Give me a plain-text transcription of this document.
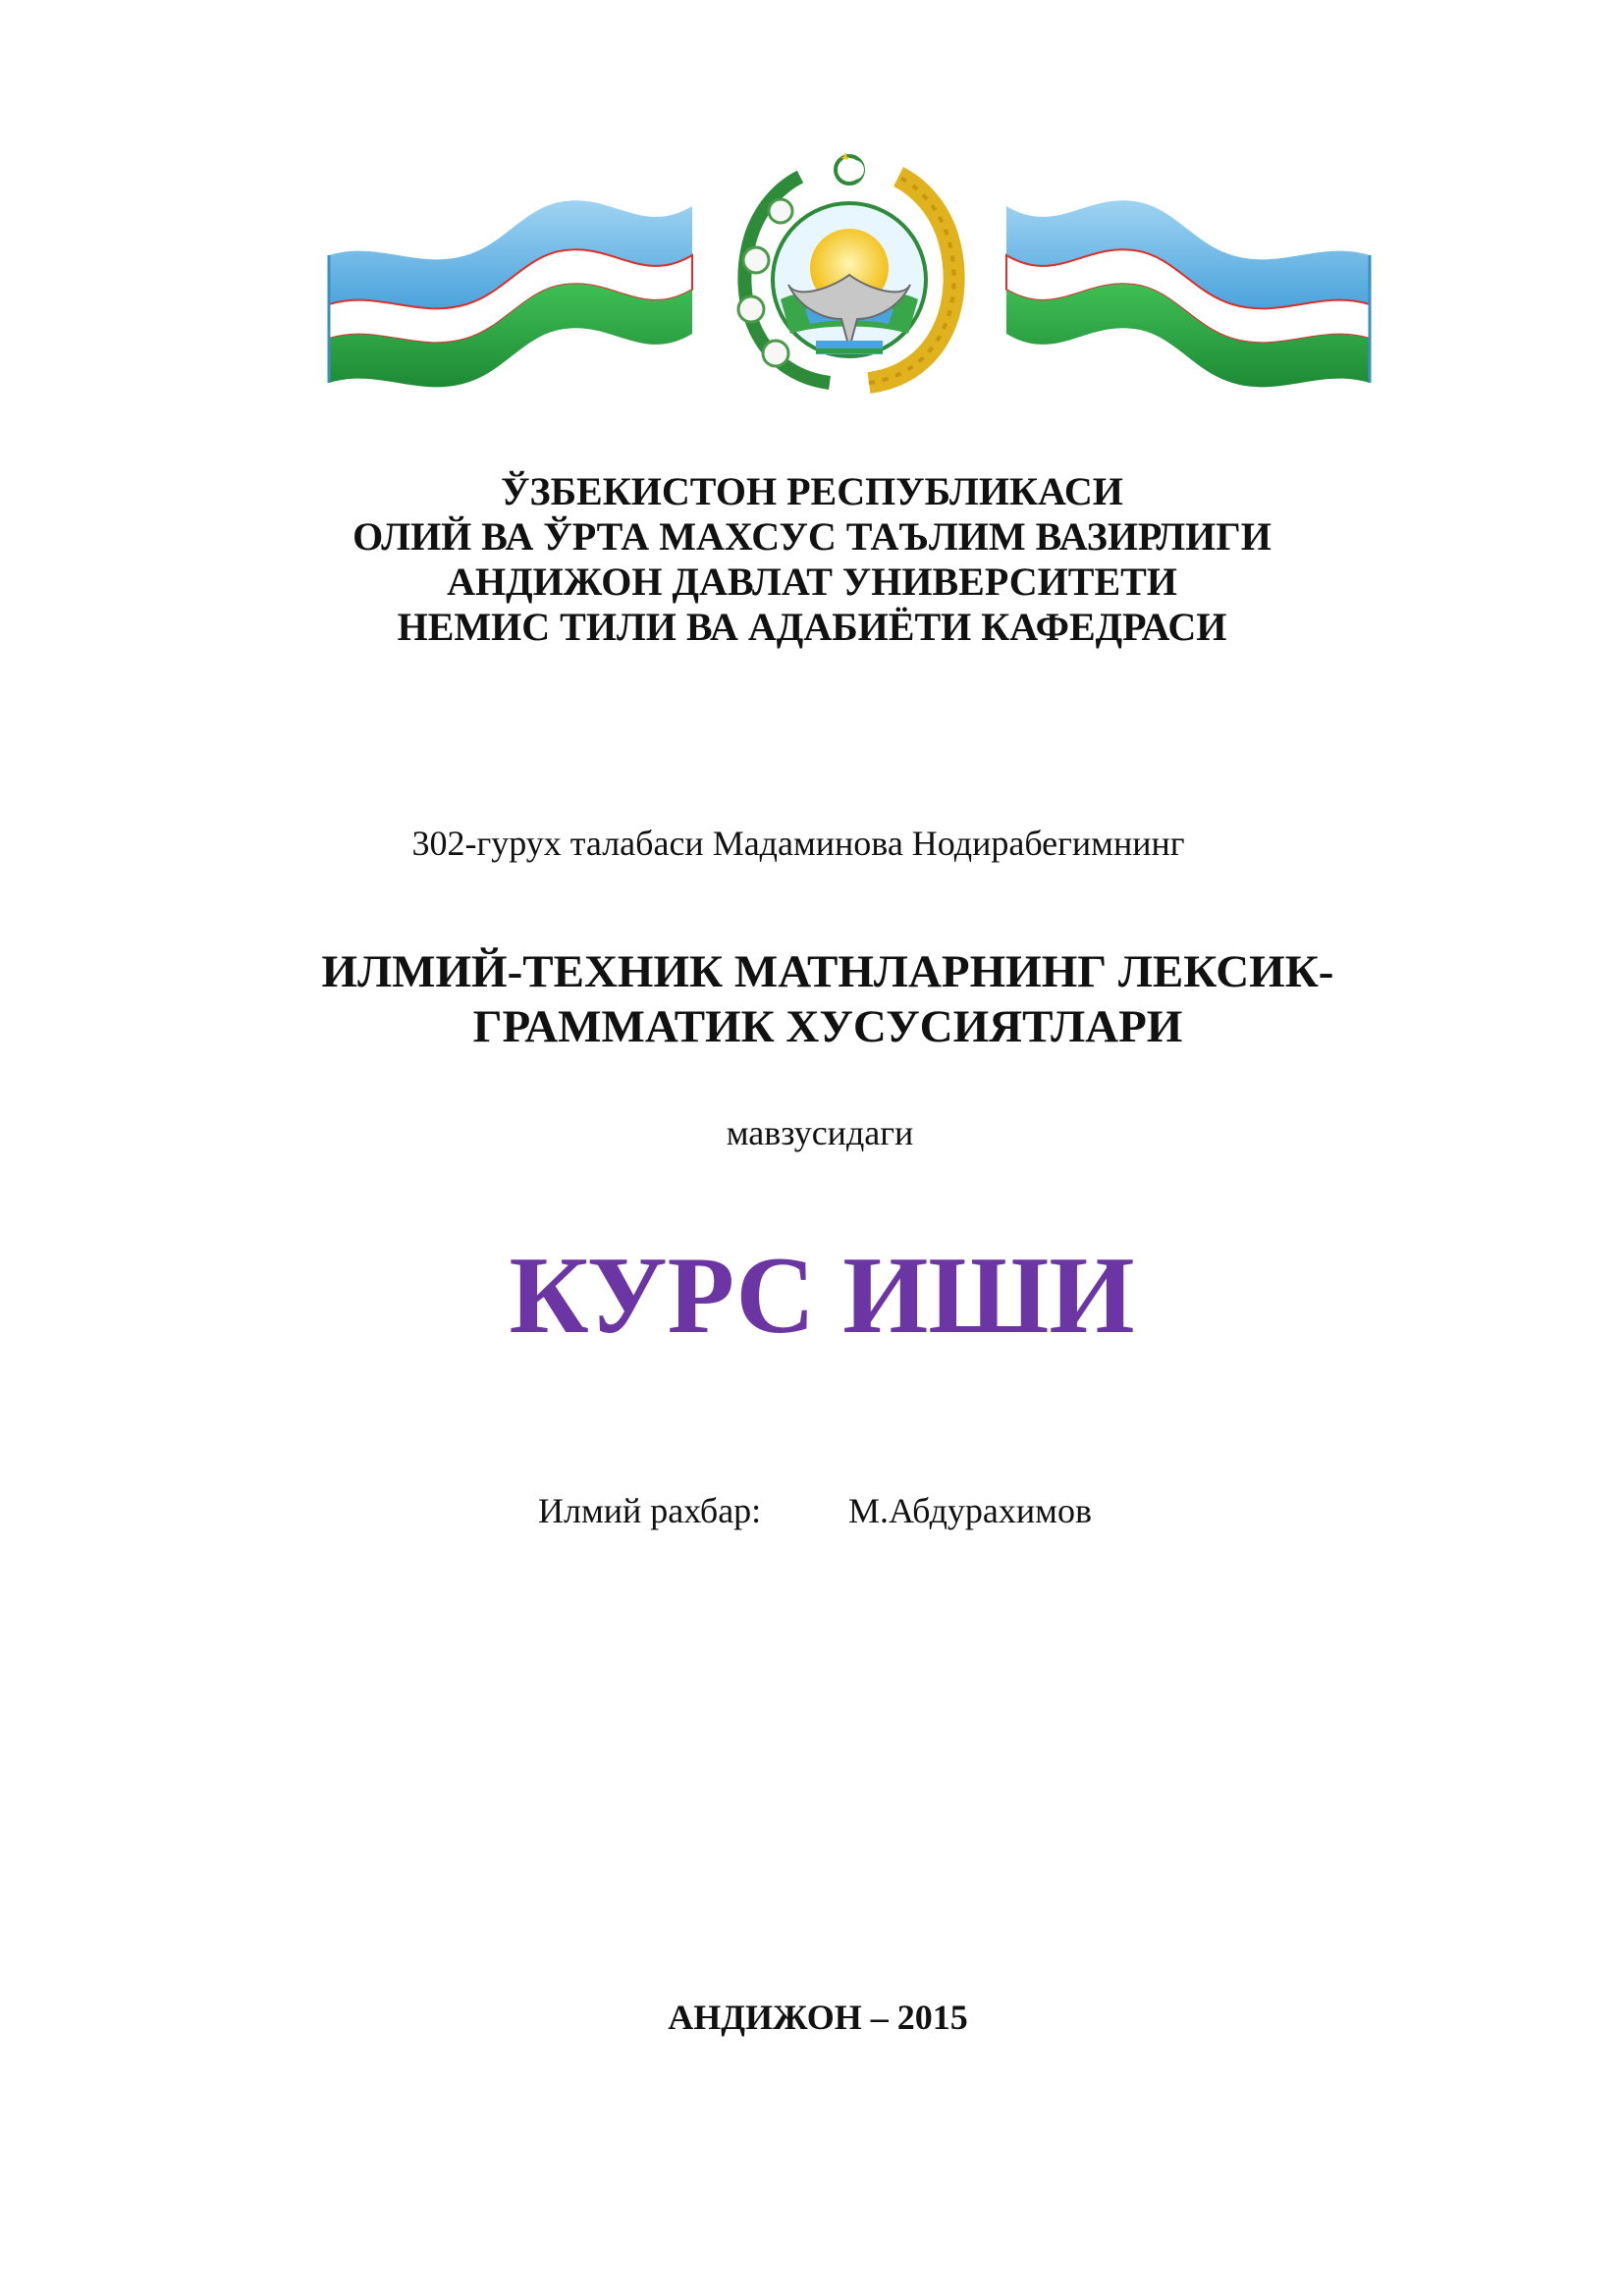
ЎЗБЕКИСТОН РЕСПУБЛИКАСИ
ОЛИЙ ВА ЎРТА МАХСУС ТАЪЛИМ ВАЗИРЛИГИ
АНДИЖОН ДАВЛАТ УНИВЕРСИТЕТИ
НЕМИС ТИЛИ ВА АДАБИЁТИ КАФЕДРАСИ
302-гурух талабаси Мадаминова Нодирабегимнинг
ИЛМИЙ-ТЕХНИК МАТНЛАРНИНГ ЛЕКСИК-
ГРАММАТИК ХУСУСИЯТЛАРИ
мавзусидаги
КУРС ИШИ
Илмий рахбар: М.Абдурахимов
АНДИЖОН – 2015
